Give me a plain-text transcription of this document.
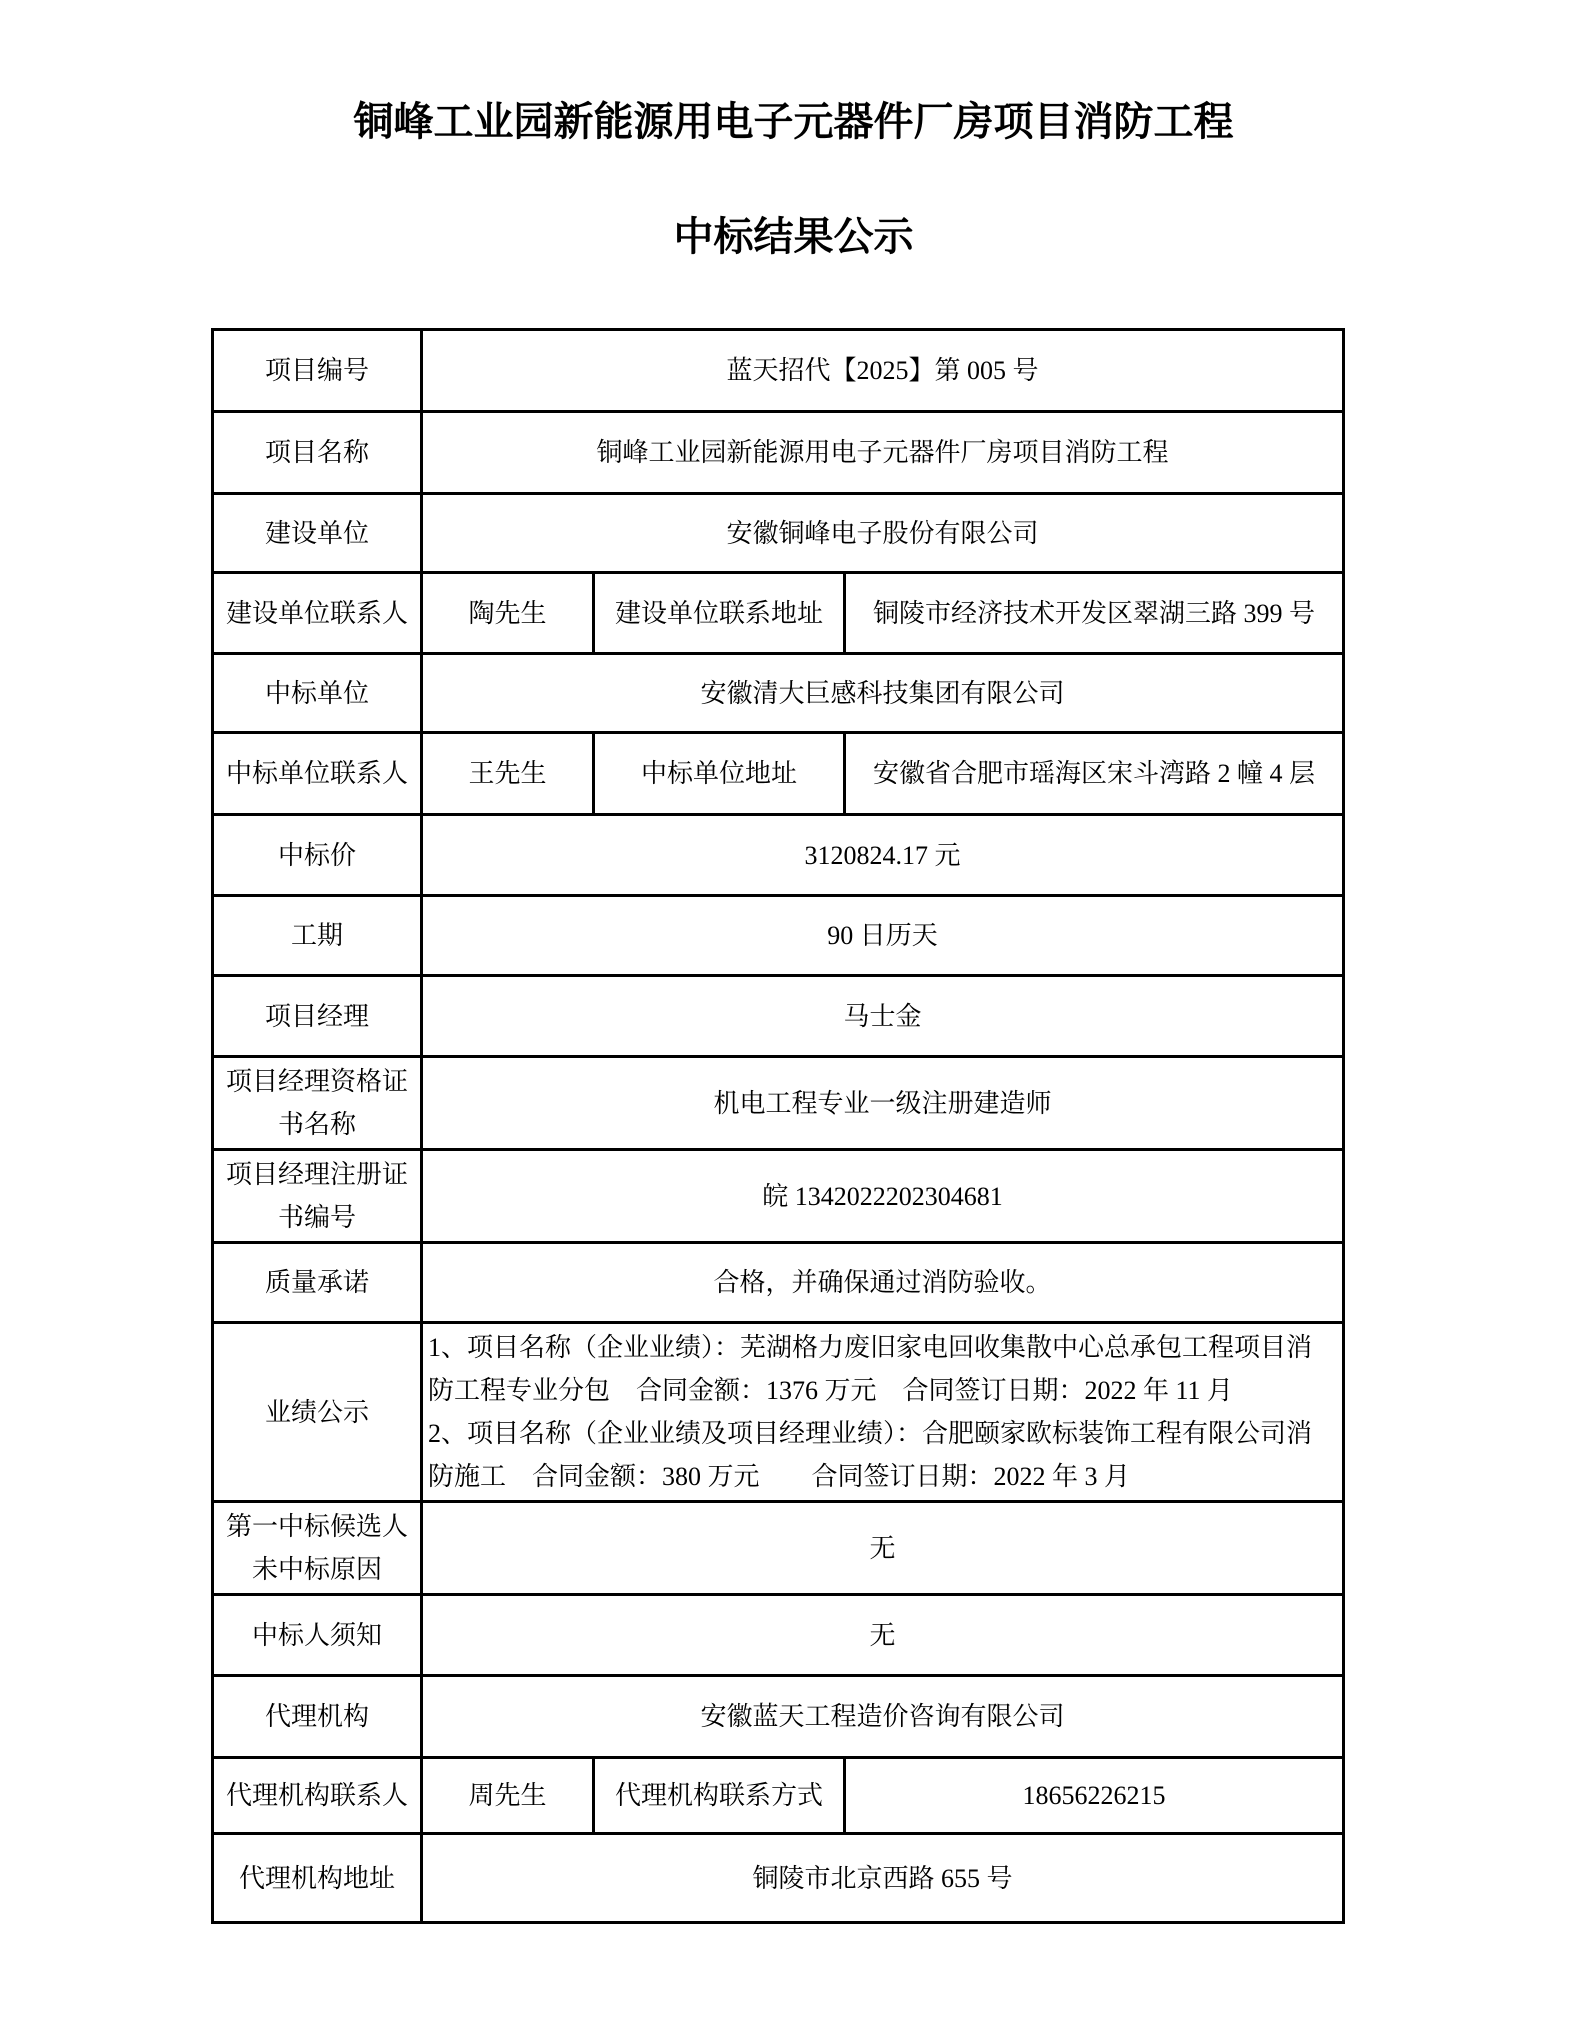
铜峰工业园新能源用电子元器件厂房项目消防工程
中标结果公示
项目编号	蓝天招代【2025】第 005 号		
项目名称	铜峰工业园新能源用电子元器件厂房项目消防工程		
建设单位	安徽铜峰电子股份有限公司		
建设单位联系人	陶先生	建设单位联系地址	铜陵市经济技术开发区翠湖三路 399 号
中标单位	安徽清大巨感科技集团有限公司		
中标单位联系人	王先生	中标单位地址	安徽省合肥市瑶海区宋斗湾路 2 幢 4 层
中标价	3120824.17 元		
工期	90 日历天		
项目经理	马士金		
项目经理资格证书名称	机电工程专业一级注册建造师		
项目经理注册证书编号	皖 1342022202304681		
质量承诺	合格，并确保通过消防验收。		
业绩公示	1、项目名称（企业业绩）：芜湖格力废旧家电回收集散中心总承包工程项目消防工程专业分包　合同金额：1376 万元　合同签订日期：2022 年 11 月
2、项目名称（企业业绩及项目经理业绩）：合肥颐家欧标装饰工程有限公司消防施工　合同金额：380 万元　　合同签订日期：2022 年 3 月		

第一中标候选人未中标原因	无		
中标人须知	无		
代理机构	安徽蓝天工程造价咨询有限公司		
代理机构联系人	周先生	代理机构联系方式	18656226215
代理机构地址	铜陵市北京西路 655 号		
